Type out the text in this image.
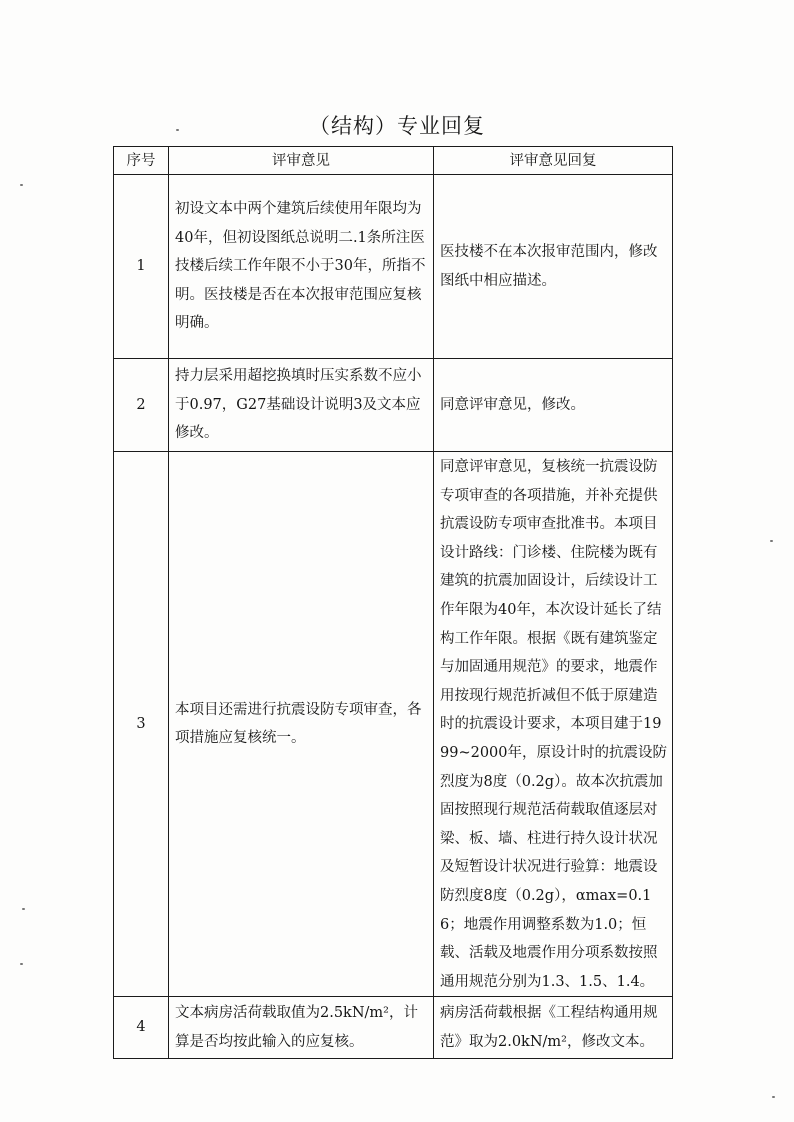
（结构）专业回复
序号	评审意见	评审意见回复
1	初设文本中两个建筑后续使用年限均为40年，但初设图纸总说明二.1条所注医技楼后续工作年限不小于30年，所指不明。医技楼是否在本次报审范围应复核明确。	医技楼不在本次报审范围内，修改图纸中相应描述。
2	持力层采用超挖换填时压实系数不应小于0.97，G27基础设计说明3及文本应修改。	同意评审意见，修改。
3	本项目还需进行抗震设防专项审查，各项措施应复核统一。	同意评审意见，复核统一抗震设防专项审查的各项措施，并补充提供抗震设防专项审查批准书。本项目设计路线：门诊楼、住院楼为既有建筑的抗震加固设计，后续设计工作年限为40年，本次设计延长了结构工作年限。根据《既有建筑鉴定与加固通用规范》的要求，地震作用按现行规范折减但不低于原建造时的抗震设计要求，本项目建于1999~2000年，原设计时的抗震设防烈度为8度（0.2g）。故本次抗震加固按照现行规范活荷载取值逐层对梁、板、墙、柱进行持久设计状况及短暂设计状况进行验算：地震设防烈度8度（0.2g），αmax=0.16；地震作用调整系数为1.0；恒载、活载及地震作用分项系数按照通用规范分别为1.3、1.5、1.4。
4	文本病房活荷载取值为2.5kN/m²，计算是否均按此输入的应复核。	病房活荷载根据《工程结构通用规范》取为2.0kN/m²，修改文本。
